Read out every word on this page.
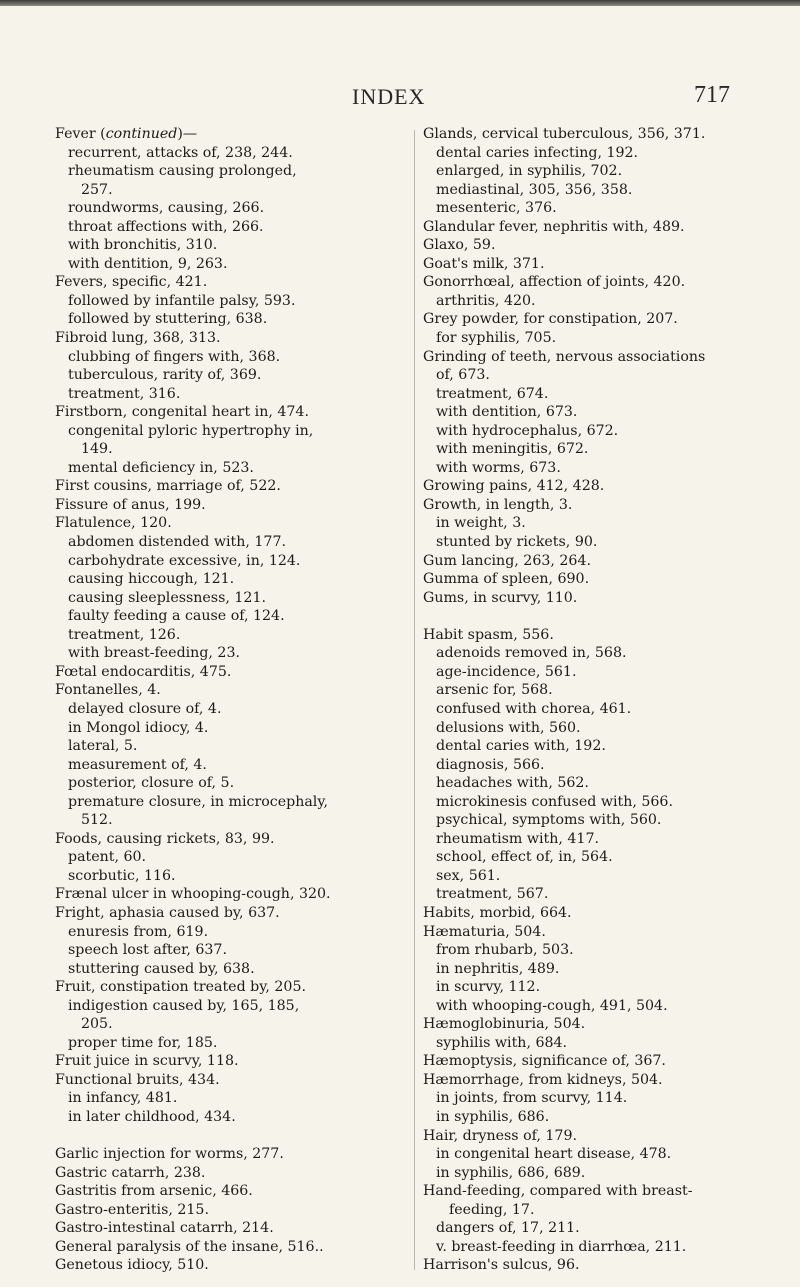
INDEX	717
Fever (continued)—
recurrent, attacks of, 238, 244.
rheumatism causing prolonged,
257.
roundworms, causing, 266.
throat affections with, 266.
with bronchitis, 310.
with dentition, 9, 263.
Fevers, specific, 421.
followed by infantile palsy, 593.
followed by stuttering, 638.
Fibroid lung, 368, 313.
clubbing of fingers with, 368.
tuberculous, rarity of, 369.
treatment, 316.
Firstborn, congenital heart in, 474.
congenital pyloric hypertrophy in,
149.
mental deficiency in, 523.
First cousins, marriage of, 522.
Fissure of anus, 199.
Flatulence, 120.
abdomen distended with, 177.
carbohydrate excessive, in, 124.
causing hiccough, 121.
causing sleeplessness, 121.
faulty feeding a cause of, 124.
treatment, 126.
with breast-feeding, 23.
Fœtal endocarditis, 475.
Fontanelles, 4.
delayed closure of, 4.
in Mongol idiocy, 4.
lateral, 5.
measurement of, 4.
posterior, closure of, 5.
premature closure, in microcephaly,
512.
Foods, causing rickets, 83, 99.
patent, 60.
scorbutic, 116.
Frænal ulcer in whooping-cough, 320.
Fright, aphasia caused by, 637.
enuresis from, 619.
speech lost after, 637.
stuttering caused by, 638.
Fruit, constipation treated by, 205.
indigestion caused by, 165, 185,
205.
proper time for, 185.
Fruit juice in scurvy, 118.
Functional bruits, 434.
in infancy, 481.
in later childhood, 434.
Garlic injection for worms, 277.
Gastric catarrh, 238.
Gastritis from arsenic, 466.
Gastro-enteritis, 215.
Gastro-intestinal catarrh, 214.
General paralysis of the insane, 516..
Genetous idiocy, 510.
Glands, cervical tuberculous, 356, 371.
dental caries infecting, 192.
enlarged, in syphilis, 702.
mediastinal, 305, 356, 358.
mesenteric, 376.
Glandular fever, nephritis with, 489.
Glaxo, 59.
Goat's milk, 371.
Gonorrhœal, affection of joints, 420.
arthritis, 420.
Grey powder, for constipation, 207.
for syphilis, 705.
Grinding of teeth, nervous associations
of, 673.
treatment, 674.
with dentition, 673.
with hydrocephalus, 672.
with meningitis, 672.
with worms, 673.
Growing pains, 412, 428.
Growth, in length, 3.
in weight, 3.
stunted by rickets, 90.
Gum lancing, 263, 264.
Gumma of spleen, 690.
Gums, in scurvy, 110.
Habit spasm, 556.
adenoids removed in, 568.
age-incidence, 561.
arsenic for, 568.
confused with chorea, 461.
delusions with, 560.
dental caries with, 192.
diagnosis, 566.
headaches with, 562.
microkinesis confused with, 566.
psychical, symptoms with, 560.
rheumatism with, 417.
school, effect of, in, 564.
sex, 561.
treatment, 567.
Habits, morbid, 664.
Hæmaturia, 504.
from rhubarb, 503.
in nephritis, 489.
in scurvy, 112.
with whooping-cough, 491, 504.
Hæmoglobinuria, 504.
syphilis with, 684.
Hæmoptysis, significance of, 367.
Hæmorrhage, from kidneys, 504.
in joints, from scurvy, 114.
in syphilis, 686.
Hair, dryness of, 179.
in congenital heart disease, 478.
in syphilis, 686, 689.
Hand-feeding, compared with breast-
feeding, 17.
dangers of, 17, 211.
v. breast-feeding in diarrhœa, 211.
Harrison's sulcus, 96.
